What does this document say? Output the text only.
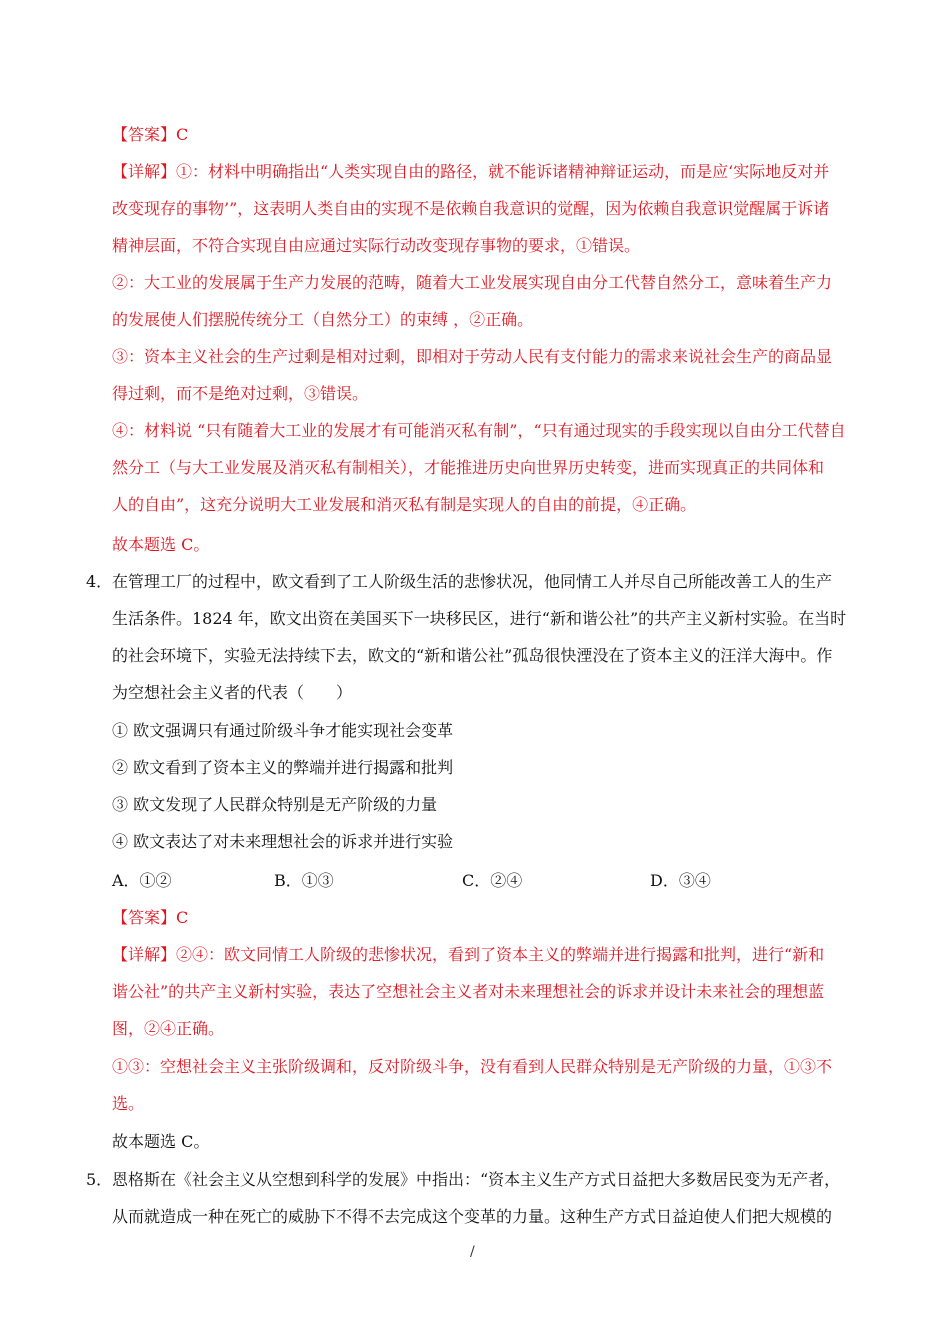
【答案】C
【详解】①：材料中明确指出“人类实现自由的路径，就不能诉诸精神辩证运动，而是应‘实际地反对并
改变现存的事物’”，这表明人类自由的实现不是依赖自我意识的觉醒，因为依赖自我意识觉醒属于诉诸
精神层面，不符合实现自由应通过实际行动改变现存事物的要求，①错误。
②：大工业的发展属于生产力发展的范畴，随着大工业发展实现自由分工代替自然分工，意味着生产力
的发展使人们摆脱传统分工（自然分工）的束缚 ，②正确。
③：资本主义社会的生产过剩是相对过剩，即相对于劳动人民有支付能力的需求来说社会生产的商品显
得过剩，而不是绝对过剩，③错误。
④：材料说 “只有随着大工业的发展才有可能消灭私有制”，“只有通过现实的手段实现以自由分工代替自
然分工（与大工业发展及消灭私有制相关），才能推进历史向世界历史转变，进而实现真正的共同体和
人的自由”，这充分说明大工业发展和消灭私有制是实现人的自由的前提，④正确。
故本题选 C。
4． 在管理工厂的过程中，欧文看到了工人阶级生活的悲惨状况，他同情工人并尽自己所能改善工人的生产
生活条件。1824 年，欧文出资在美国买下一块移民区，进行“新和谐公社”的共产主义新村实验。在当时
的社会环境下，实验无法持续下去，欧文的“新和谐公社”孤岛很快湮没在了资本主义的汪洋大海中。作
为空想社会主义者的代表（　　）
① 欧文强调只有通过阶级斗争才能实现社会变革
② 欧文看到了资本主义的弊端并进行揭露和批判
③ 欧文发现了人民群众特别是无产阶级的力量
④ 欧文表达了对未来理想社会的诉求并进行实验
A．①②	B．①③	C．②④	D．③④
【答案】C
【详解】②④：欧文同情工人阶级的悲惨状况，看到了资本主义的弊端并进行揭露和批判，进行“新和
谐公社”的共产主义新村实验，表达了空想社会主义者对未来理想社会的诉求并设计未来社会的理想蓝
图，②④正确。
①③：空想社会主义主张阶级调和，反对阶级斗争，没有看到人民群众特别是无产阶级的力量，①③不
选。
故本题选 C。
5． 恩格斯在《社会主义从空想到科学的发展》中指出：“资本主义生产方式日益把大多数居民变为无产者，
从而就造成一种在死亡的威胁下不得不去完成这个变革的力量。这种生产方式日益迫使人们把大规模的
/
